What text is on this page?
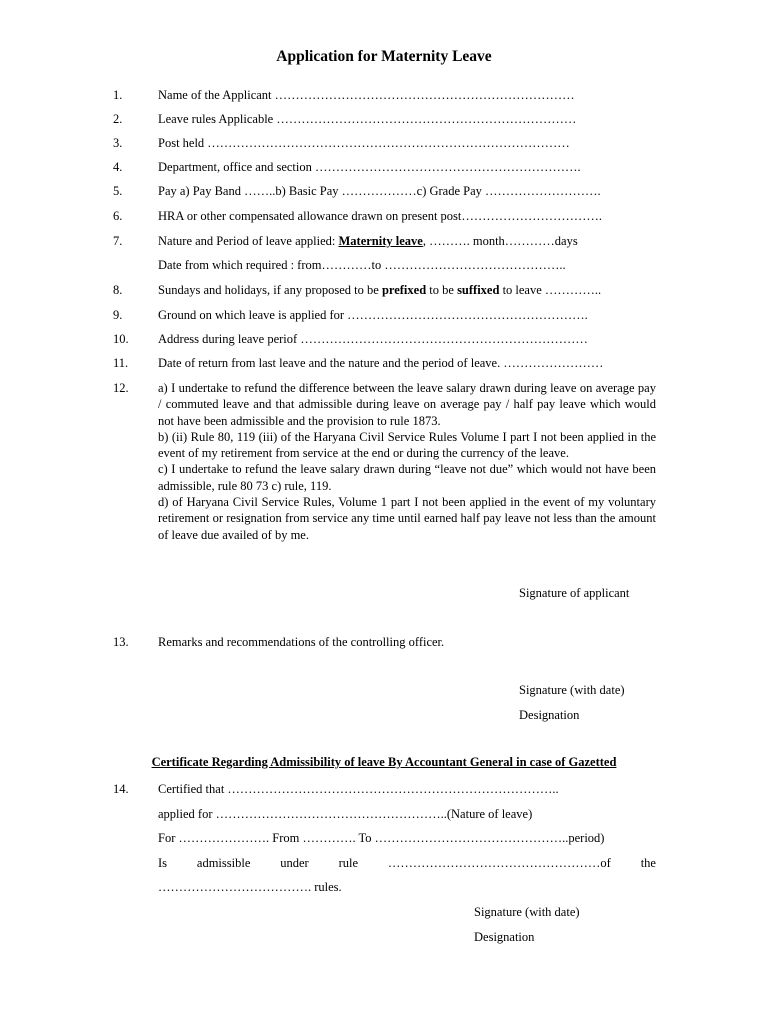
Application for Maternity Leave
1.	Name of the Applicant ………………………………………………………………
2.	Leave rules Applicable ………………………………………………………………
3.	Post held ……………………………………………………………………………
4.	Department, office and section ……………………………………………………….
5.	Pay a) Pay Band ……..b) Basic Pay ………………c) Grade Pay ……………………….
6.	HRA or other compensated allowance drawn on present post…………………………….
7.	Nature and Period of leave applied: Maternity leave, ………. month…………days
Date from which required : from…………to ……………………………………..
8.	Sundays and holidays, if any proposed to be prefixed to be suffixed to leave …………..
9.	Ground on which leave is applied for ………………………………………………….
10. Address during leave periof ……………………………………………………………
11. Date of return from last leave and the nature and the period of leave. ……………………
12. a) I undertake to refund the difference between the leave salary drawn during leave on average pay / commuted leave and that admissible during leave on average pay / half pay leave which would not have been admissible and the provision to rule 1873.
b) (ii) Rule 80, 119 (iii) of the Haryana Civil Service Rules Volume I part I not been applied in the event of my retirement from service at the end or during the currency of the leave.
c) I undertake to refund the leave salary drawn during “leave not due” which would not have been admissible, rule 80 73 c) rule, 119.
d) of Haryana Civil Service Rules, Volume 1 part I not been applied in the event of my voluntary retirement or resignation from service any time until earned half pay leave not less than the amount of leave due availed of by me.

Signature of applicant
13. Remarks and recommendations of the controlling officer.
Signature (with date)
Designation
Certificate Regarding Admissibility of leave By Accountant General in case of Gazetted
14. Certified that ……………………………………………………………………..
applied for ………………………………………………..(Nature of leave)
For …………………. From …………. To ………………………………………..period)
Is admissible under rule ……………………………………………of the
………………………………. rules.
Signature (with date)
Designation
